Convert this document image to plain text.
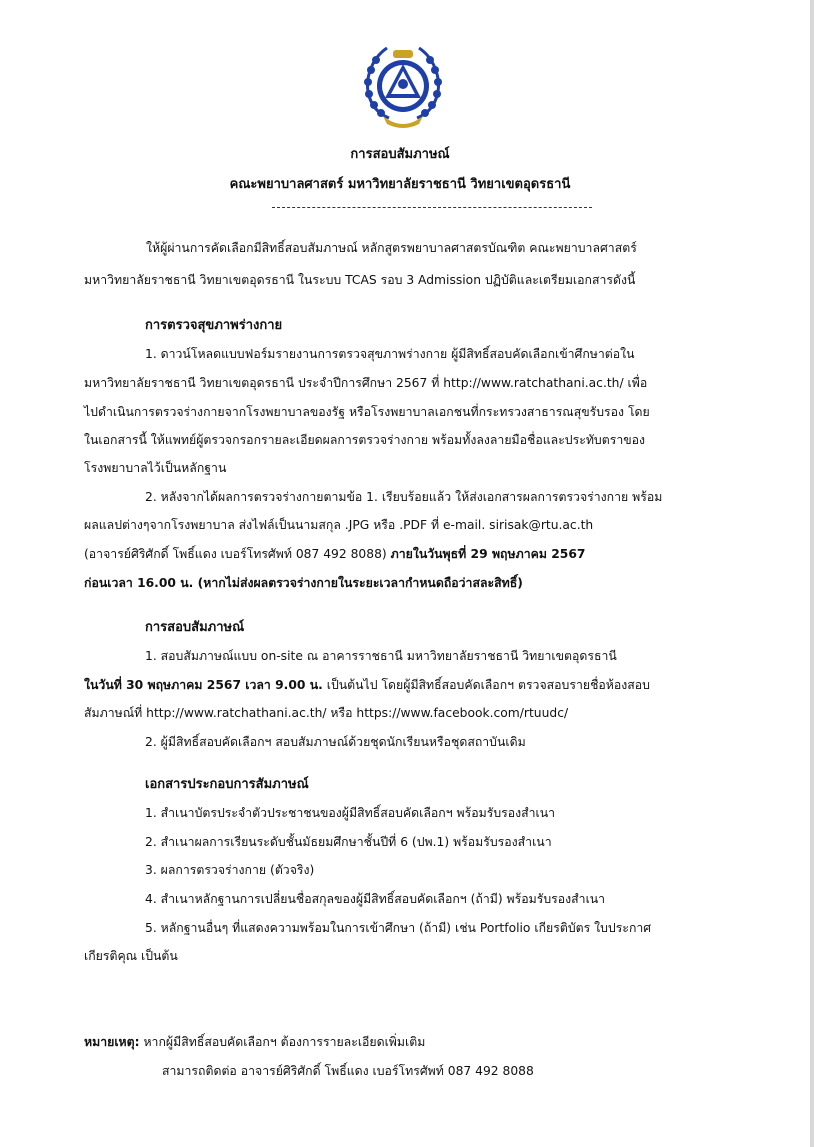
การสอบสัมภาษณ์
คณะพยาบาลศาสตร์ มหาวิทยาลัยราชธานี วิทยาเขตอุดรธานี
ให้ผู้ผ่านการคัดเลือกมีสิทธิ์สอบสัมภาษณ์ หลักสูตรพยาบาลศาสตรบัณฑิต คณะพยาบาลศาสตร์
มหาวิทยาลัยราชธานี วิทยาเขตอุดรธานี ในระบบ TCAS รอบ 3 Admission ปฏิบัติและเตรียมเอกสารดังนี้
การตรวจสุขภาพร่างกาย
1. ดาวน์โหลดแบบฟอร์มรายงานการตรวจสุขภาพร่างกาย ผู้มีสิทธิ์สอบคัดเลือกเข้าศึกษาต่อใน
มหาวิทยาลัยราชธานี วิทยาเขตอุดรธานี ประจำปีการศึกษา 2567 ที่ http://www.ratchathani.ac.th/ เพื่อ
ไปดำเนินการตรวจร่างกายจากโรงพยาบาลของรัฐ หรือโรงพยาบาลเอกชนที่กระทรวงสาธารณสุขรับรอง โดย
ในเอกสารนี้ ให้แพทย์ผู้ตรวจกรอกรายละเอียดผลการตรวจร่างกาย พร้อมทั้งลงลายมือชื่อและประทับตราของ
โรงพยาบาลไว้เป็นหลักฐาน
2. หลังจากได้ผลการตรวจร่างกายตามข้อ 1. เรียบร้อยแล้ว ให้ส่งเอกสารผลการตรวจร่างกาย พร้อม
ผลแลปต่างๆจากโรงพยาบาล ส่งไฟล์เป็นนามสกุล .JPG หรือ .PDF ที่ e-mail. sirisak@rtu.ac.th
(อาจารย์ศิริศักดิ์ โพธิ์แดง เบอร์โทรศัพท์ 087 492 8088) ภายในวันพุธที่ 29 พฤษภาคม 2567
ก่อนเวลา 16.00 น. (หากไม่ส่งผลตรวจร่างกายในระยะเวลากำหนดถือว่าสละสิทธิ์)
การสอบสัมภาษณ์
1. สอบสัมภาษณ์แบบ on-site ณ อาคารราชธานี มหาวิทยาลัยราชธานี วิทยาเขตอุดรธานี
ในวันที่ 30 พฤษภาคม 2567 เวลา 9.00 น. เป็นต้นไป โดยผู้มีสิทธิ์สอบคัดเลือกฯ ตรวจสอบรายชื่อห้องสอบ
สัมภาษณ์ที่ http://www.ratchathani.ac.th/ หรือ https://www.facebook.com/rtuudc/
2. ผู้มีสิทธิ์สอบคัดเลือกฯ สอบสัมภาษณ์ด้วยชุดนักเรียนหรือชุดสถาบันเดิม
เอกสารประกอบการสัมภาษณ์
1. สำเนาบัตรประจำตัวประชาชนของผู้มีสิทธิ์สอบคัดเลือกฯ พร้อมรับรองสำเนา
2. สำเนาผลการเรียนระดับชั้นมัธยมศึกษาชั้นปีที่ 6 (ปพ.1) พร้อมรับรองสำเนา
3. ผลการตรวจร่างกาย (ตัวจริง)
4. สำเนาหลักฐานการเปลี่ยนชื่อสกุลของผู้มีสิทธิ์สอบคัดเลือกฯ (ถ้ามี) พร้อมรับรองสำเนา
5. หลักฐานอื่นๆ ที่แสดงความพร้อมในการเข้าศึกษา (ถ้ามี) เช่น Portfolio เกียรติบัตร ใบประกาศ
เกียรติคุณ เป็นต้น
หมายเหตุ: หากผู้มีสิทธิ์สอบคัดเลือกฯ ต้องการรายละเอียดเพิ่มเติม
สามารถติดต่อ อาจารย์ศิริศักดิ์ โพธิ์แดง เบอร์โทรศัพท์ 087 492 8088
